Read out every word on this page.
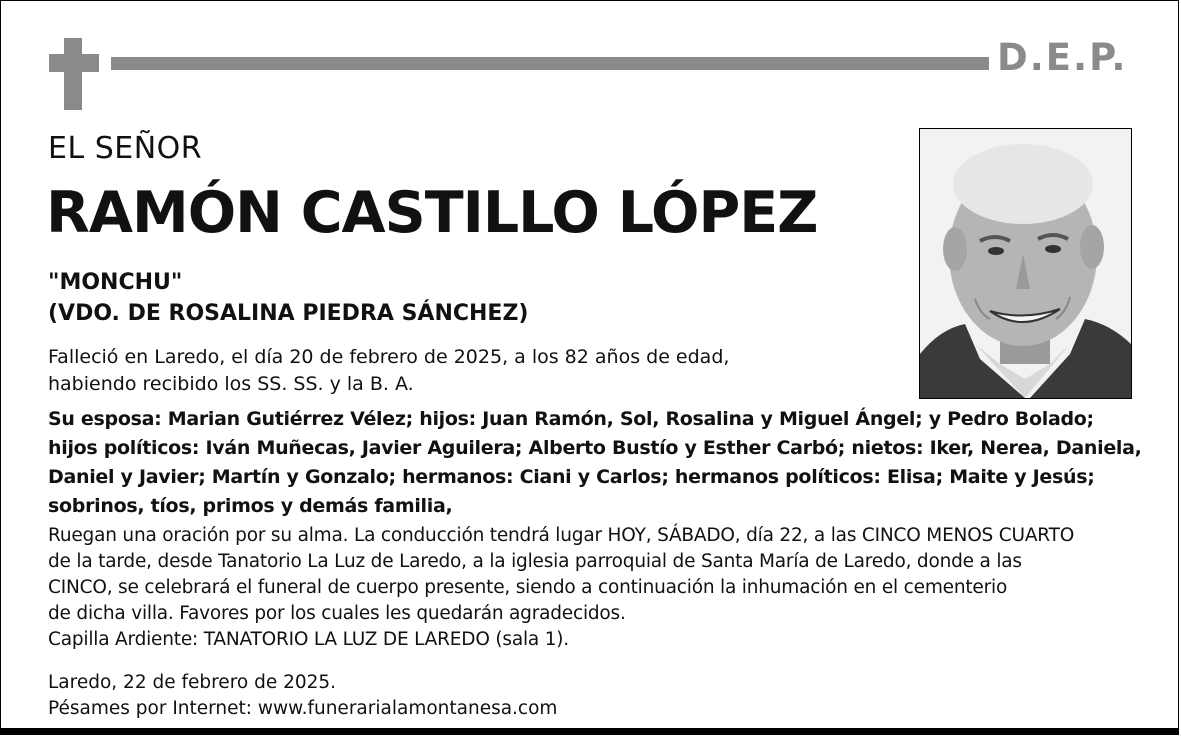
D.E.P.
EL SEÑOR
RAMÓN CASTILLO LÓPEZ
"MONCHU"
(VDO. DE ROSALINA PIEDRA SÁNCHEZ)
Falleció en Laredo, el día 20 de febrero de 2025, a los 82 años de edad,
habiendo recibido los SS. SS. y la B. A.
Su esposa: Marian Gutiérrez Vélez; hijos: Juan Ramón, Sol, Rosalina y Miguel Ángel; y Pedro Bolado; hijos políticos: Iván Muñecas, Javier Aguilera; Alberto Bustío y Esther Carbó; nietos: Iker, Nerea, Daniela, Daniel y Javier; Martín y Gonzalo; hermanos: Ciani y Carlos; hermanos políticos: Elisa; Maite y Jesús; sobrinos, tíos, primos y demás familia,
Ruegan una oración por su alma. La conducción tendrá lugar HOY, SÁBADO, día 22, a las CINCO MENOS CUARTO
de la tarde, desde Tanatorio La Luz de Laredo, a la iglesia parroquial de Santa María de Laredo, donde a las
CINCO, se celebrará el funeral de cuerpo presente, siendo a continuación la inhumación en el cementerio
de dicha villa. Favores por los cuales les quedarán agradecidos.
Capilla Ardiente: TANATORIO LA LUZ DE LAREDO (sala 1).
Laredo, 22 de febrero de 2025.
Pésames por Internet: www.funerarialamontanesa.com
